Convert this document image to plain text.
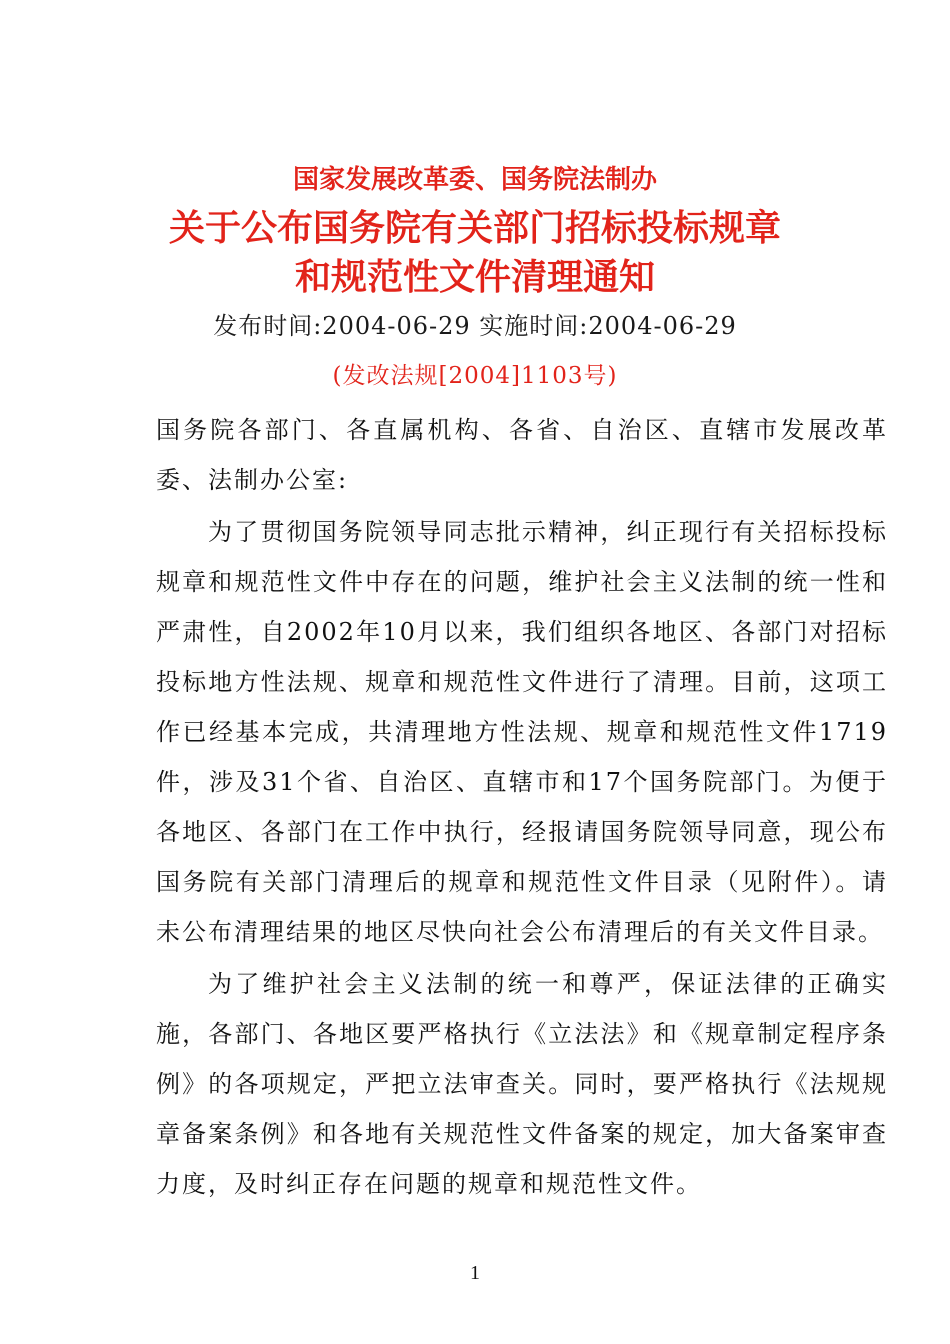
国家发展改革委、国务院法制办
关于公布国务院有关部门招标投标规章
和规范性文件清理通知
发布时间:2004-06-29 实施时间:2004-06-29
(发改法规[2004]1103号)

国务院各部门、各直属机构、各省、自治区、直辖市发展改革委、法制办公室:

为了贯彻国务院领导同志批示精神，纠正现行有关招标投标规章和规范性文件中存在的问题，维护社会主义法制的统一性和严肃性，自2002年10月以来，我们组织各地区、各部门对招标投标地方性法规、规章和规范性文件进行了清理。目前，这项工作已经基本完成，共清理地方性法规、规章和规范性文件1719件，涉及31个省、自治区、直辖市和17个国务院部门。为便于各地区、各部门在工作中执行，经报请国务院领导同意，现公布国务院有关部门清理后的规章和规范性文件目录（见附件）。请未公布清理结果的地区尽快向社会公布清理后的有关文件目录。

为了维护社会主义法制的统一和尊严，保证法律的正确实施，各部门、各地区要严格执行《立法法》和《规章制定程序条例》的各项规定，严把立法审查关。同时，要严格执行《法规规章备案条例》和各地有关规范性文件备案的规定，加大备案审查力度，及时纠正存在问题的规章和规范性文件。

1
